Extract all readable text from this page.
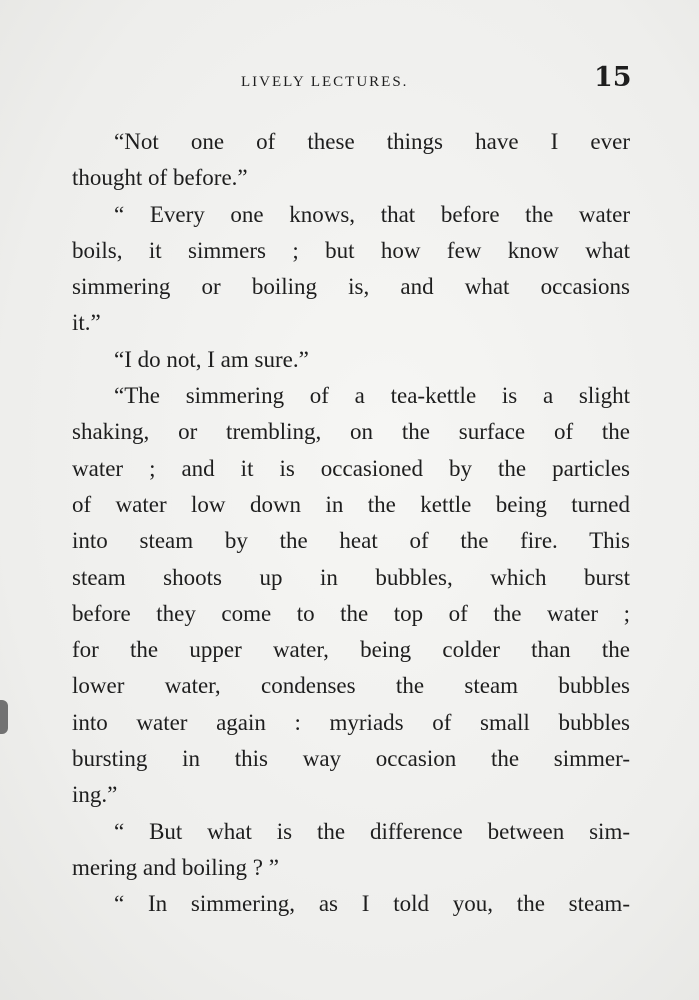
LIVELY LECTURES.	15
“Not one of these things have I ever
thought of before.”
“ Every one knows, that before the water
boils, it simmers ; but how few know what
simmering or boiling is, and what occasions
it.”
“I do not, I am sure.”
“The simmering of a tea-kettle is a slight
shaking, or trembling, on the surface of the
water ; and it is occasioned by the particles
of water low down in the kettle being turned
into steam by the heat of the fire. This
steam shoots up in bubbles, which burst
before they come to the top of the water ;
for the upper water, being colder than the
lower water, condenses the steam bubbles
into water again : myriads of small bubbles
bursting in this way occasion the simmer-
ing.”
“ But what is the difference between sim-
mering and boiling ? ”
“ In simmering, as I told you, the steam-
